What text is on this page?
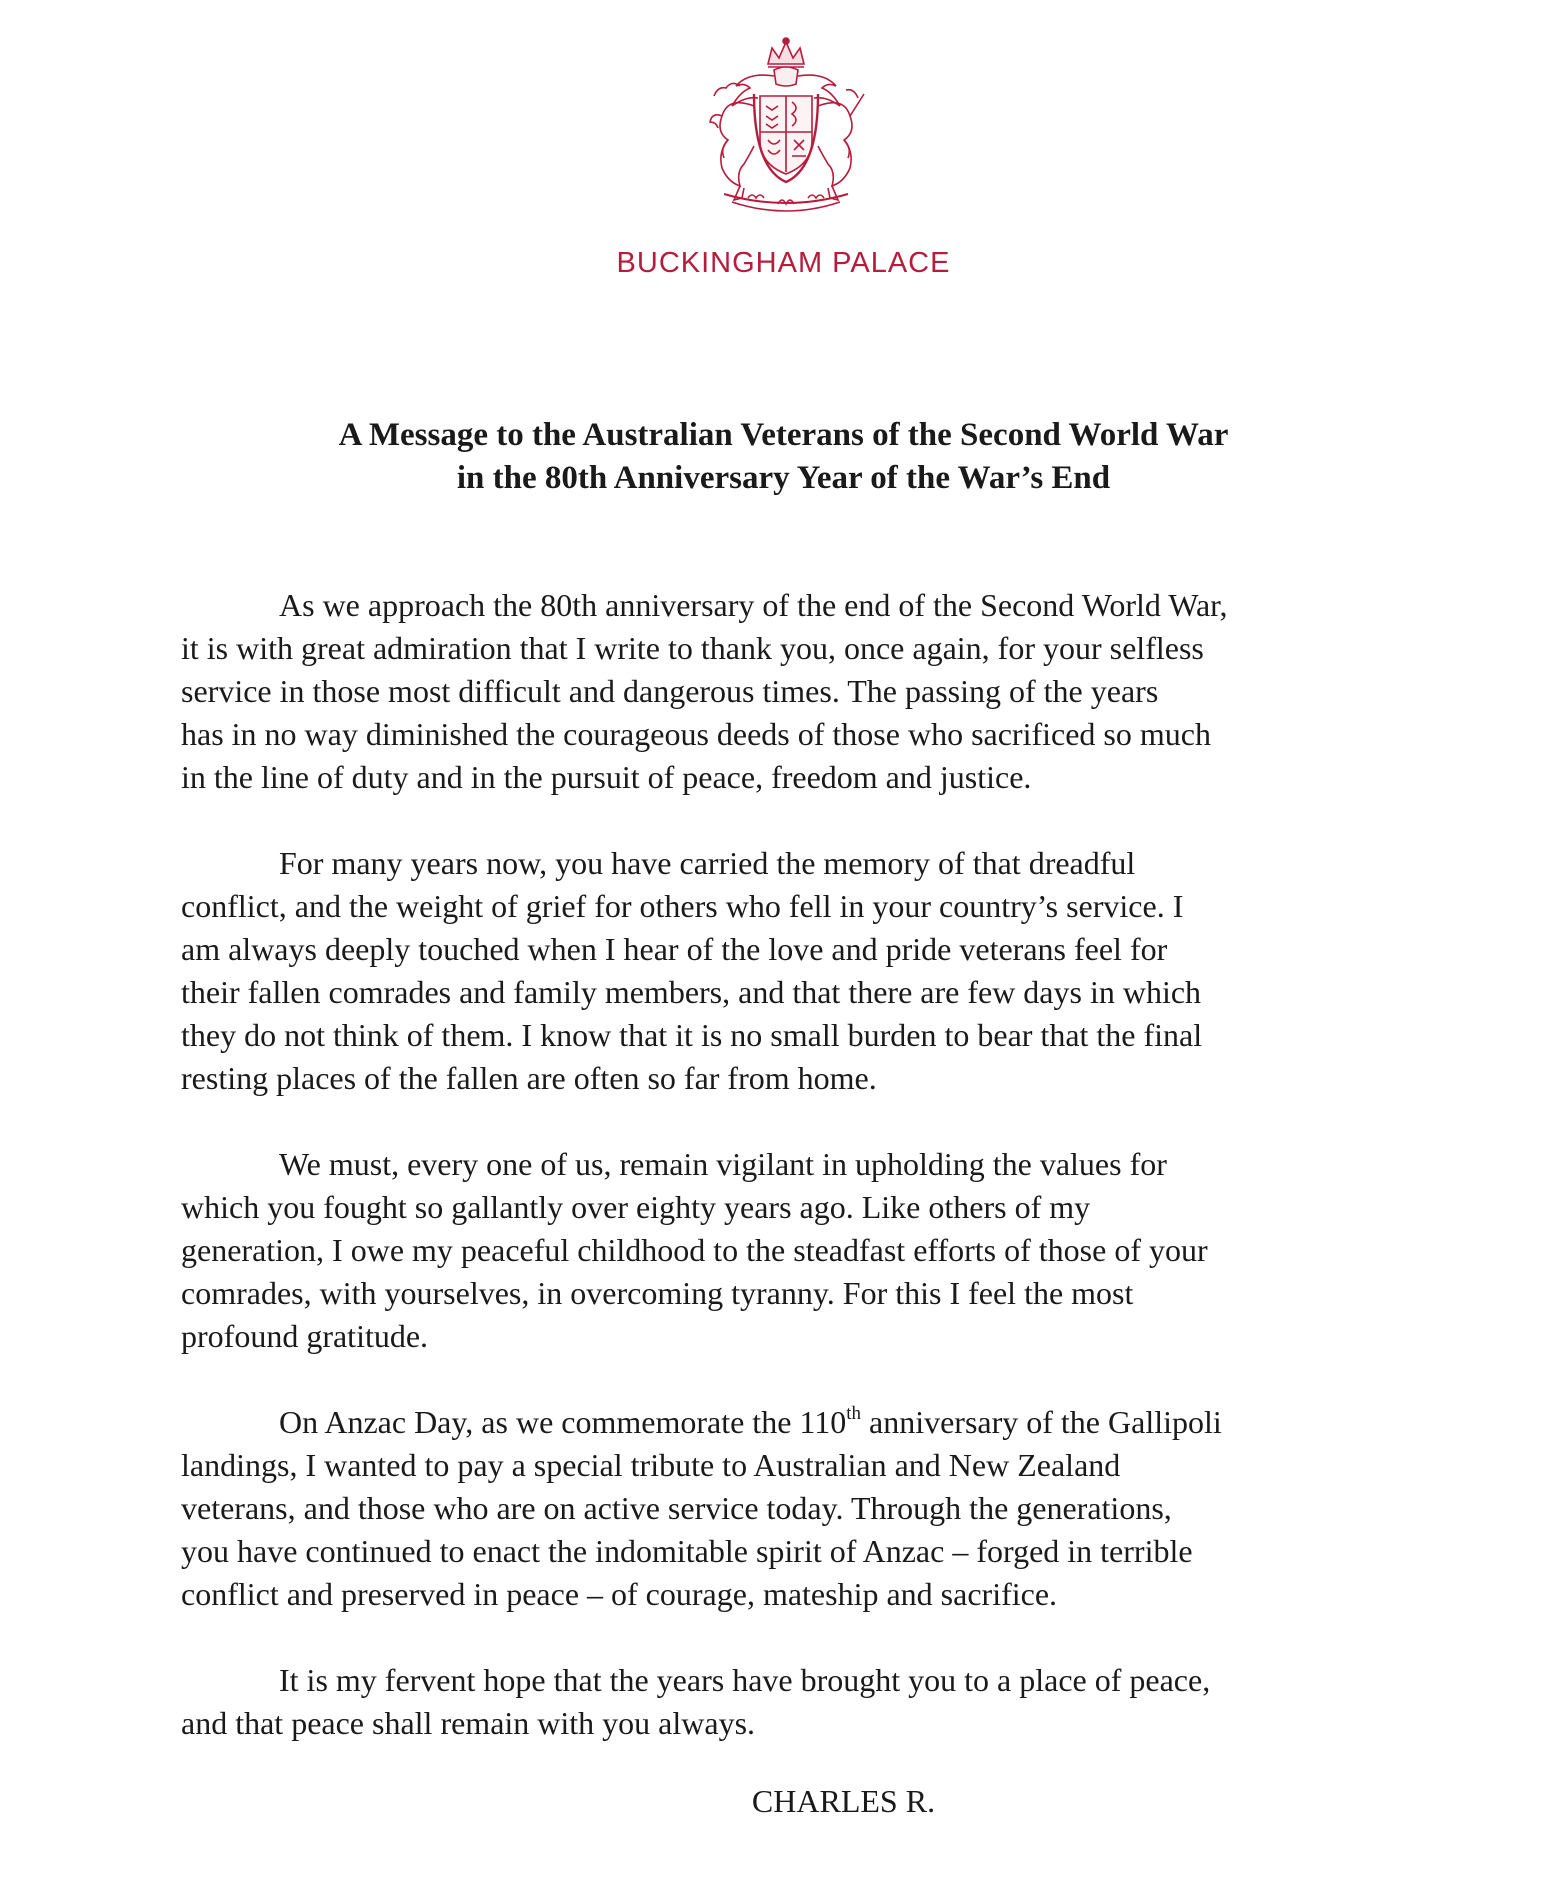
BUCKINGHAM PALACE
A Message to the Australian Veterans of the Second World War
in the 80th Anniversary Year of the War’s End
As we approach the 80th anniversary of the end of the Second World War,
it is with great admiration that I write to thank you, once again, for your selfless
service in those most difficult and dangerous times. The passing of the years
has in no way diminished the courageous deeds of those who sacrificed so much
in the line of duty and in the pursuit of peace, freedom and justice.
For many years now, you have carried the memory of that dreadful
conflict, and the weight of grief for others who fell in your country’s service. I
am always deeply touched when I hear of the love and pride veterans feel for
their fallen comrades and family members, and that there are few days in which
they do not think of them. I know that it is no small burden to bear that the final
resting places of the fallen are often so far from home.
We must, every one of us, remain vigilant in upholding the values for
which you fought so gallantly over eighty years ago. Like others of my
generation, I owe my peaceful childhood to the steadfast efforts of those of your
comrades, with yourselves, in overcoming tyranny. For this I feel the most
profound gratitude.
On Anzac Day, as we commemorate the 110th anniversary of the Gallipoli
landings, I wanted to pay a special tribute to Australian and New Zealand
veterans, and those who are on active service today. Through the generations,
you have continued to enact the indomitable spirit of Anzac – forged in terrible
conflict and preserved in peace – of courage, mateship and sacrifice.
It is my fervent hope that the years have brought you to a place of peace,
and that peace shall remain with you always.
CHARLES R.
